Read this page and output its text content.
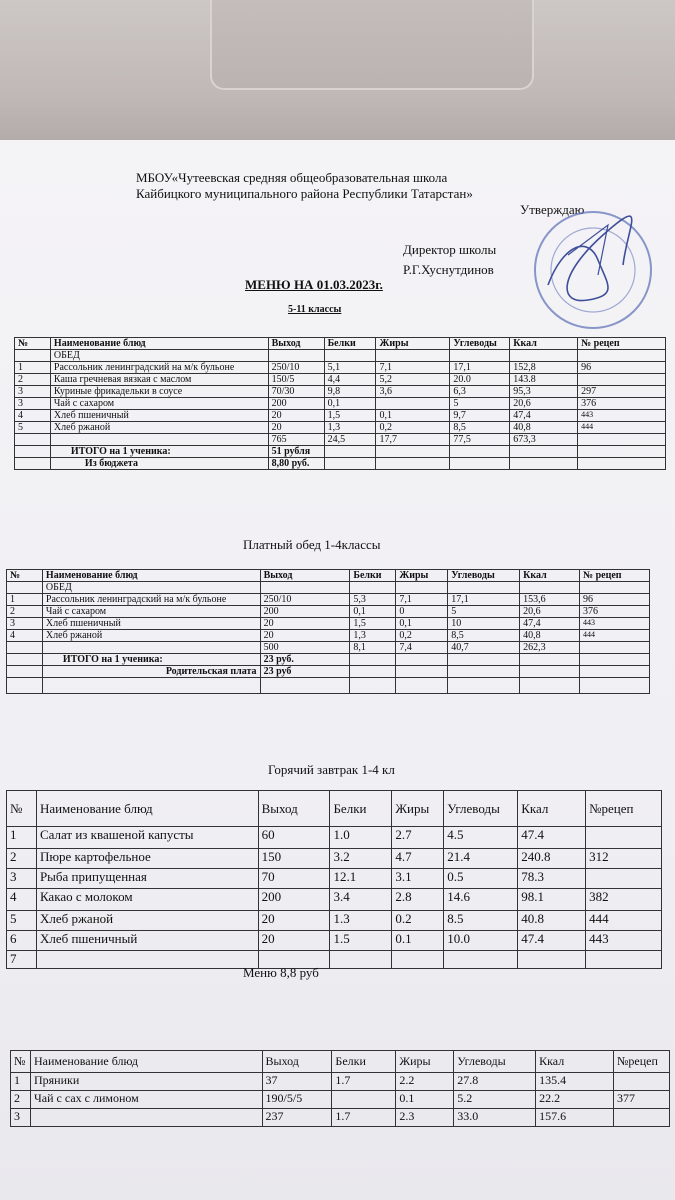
МБОУ«Чутеевская средняя общеобразовательная школа
Кайбицкого муниципального района Республики Татарстан»
Утверждаю
Директор школы
Р.Г.Хуснутдинов
МЕНЮ НА 01.03.2023г.
5-11 классы
№	Наименование блюд	Выход	Белки	Жиры	Углеводы	Ккал	№ рецеп
	ОБЕД						
1	Рассольник ленинградский на м/к бульоне	250/10	5,1	7,1	17,1	152,8	96
2	Каша гречневая вязкая с маслом	150/5	4,4	5,2	20.0	143.8	
3	Куриные фрикадельки в соусе	70/30	9,8	3,6	6,3	95,3	297
3	Чай с сахаром	200	0,1		5	20,6	376
4	Хлеб пшеничный	20	1,5	0,1	9,7	47,4	443
5	Хлеб ржаной	20	1,3	0,2	8,5	40,8	444
		765	24,5	17,7	77,5	673,3	
	ИТОГО на 1 ученика:	51 рубля					
	Из бюджета	8,80 руб.					
Платный обед 1-4классы
№	Наименование блюд	Выход	Белки	Жиры	Углеводы	Ккал	№ рецеп
	ОБЕД						
1	Рассольник ленинградский на м/к бульоне	250/10	5,3	7,1	17,1	153,6	96
2	Чай с сахаром	200	0,1	0	5	20,6	376
3	Хлеб пшеничный	20	1,5	0,1	10	47,4	443
4	Хлеб ржаной	20	1,3	0,2	8,5	40,8	444
		500	8,1	7,4	40,7	262,3	
	ИТОГО на 1 ученика:	23 руб.					
	Родительская плата	23 руб					

Горячий завтрак 1-4 кл
№	Наименование блюд	Выход	Белки	Жиры	Углеводы	Ккал	№рецеп
1	Салат из квашеной капусты	60	1.0	2.7	4.5	47.4	
2	Пюре картофельное	150	3.2	4.7	21.4	240.8	312
3	Рыба припущенная	70	12.1	3.1	0.5	78.3	
4	Какао с молоком	200	3.4	2.8	14.6	98.1	382
5	Хлеб ржаной	20	1.3	0.2	8.5	40.8	444
6	Хлеб пшеничный	20	1.5	0.1	10.0	47.4	443
7							
Меню 8,8 руб
№	Наименование блюд	Выход	Белки	Жиры	Углеводы	Ккал	№рецеп
1	Пряники	37	1.7	2.2	27.8	135.4	
2	Чай с сах с лимоном	190/5/5		0.1	5.2	22.2	377
3		237	1.7	2.3	33.0	157.6	
